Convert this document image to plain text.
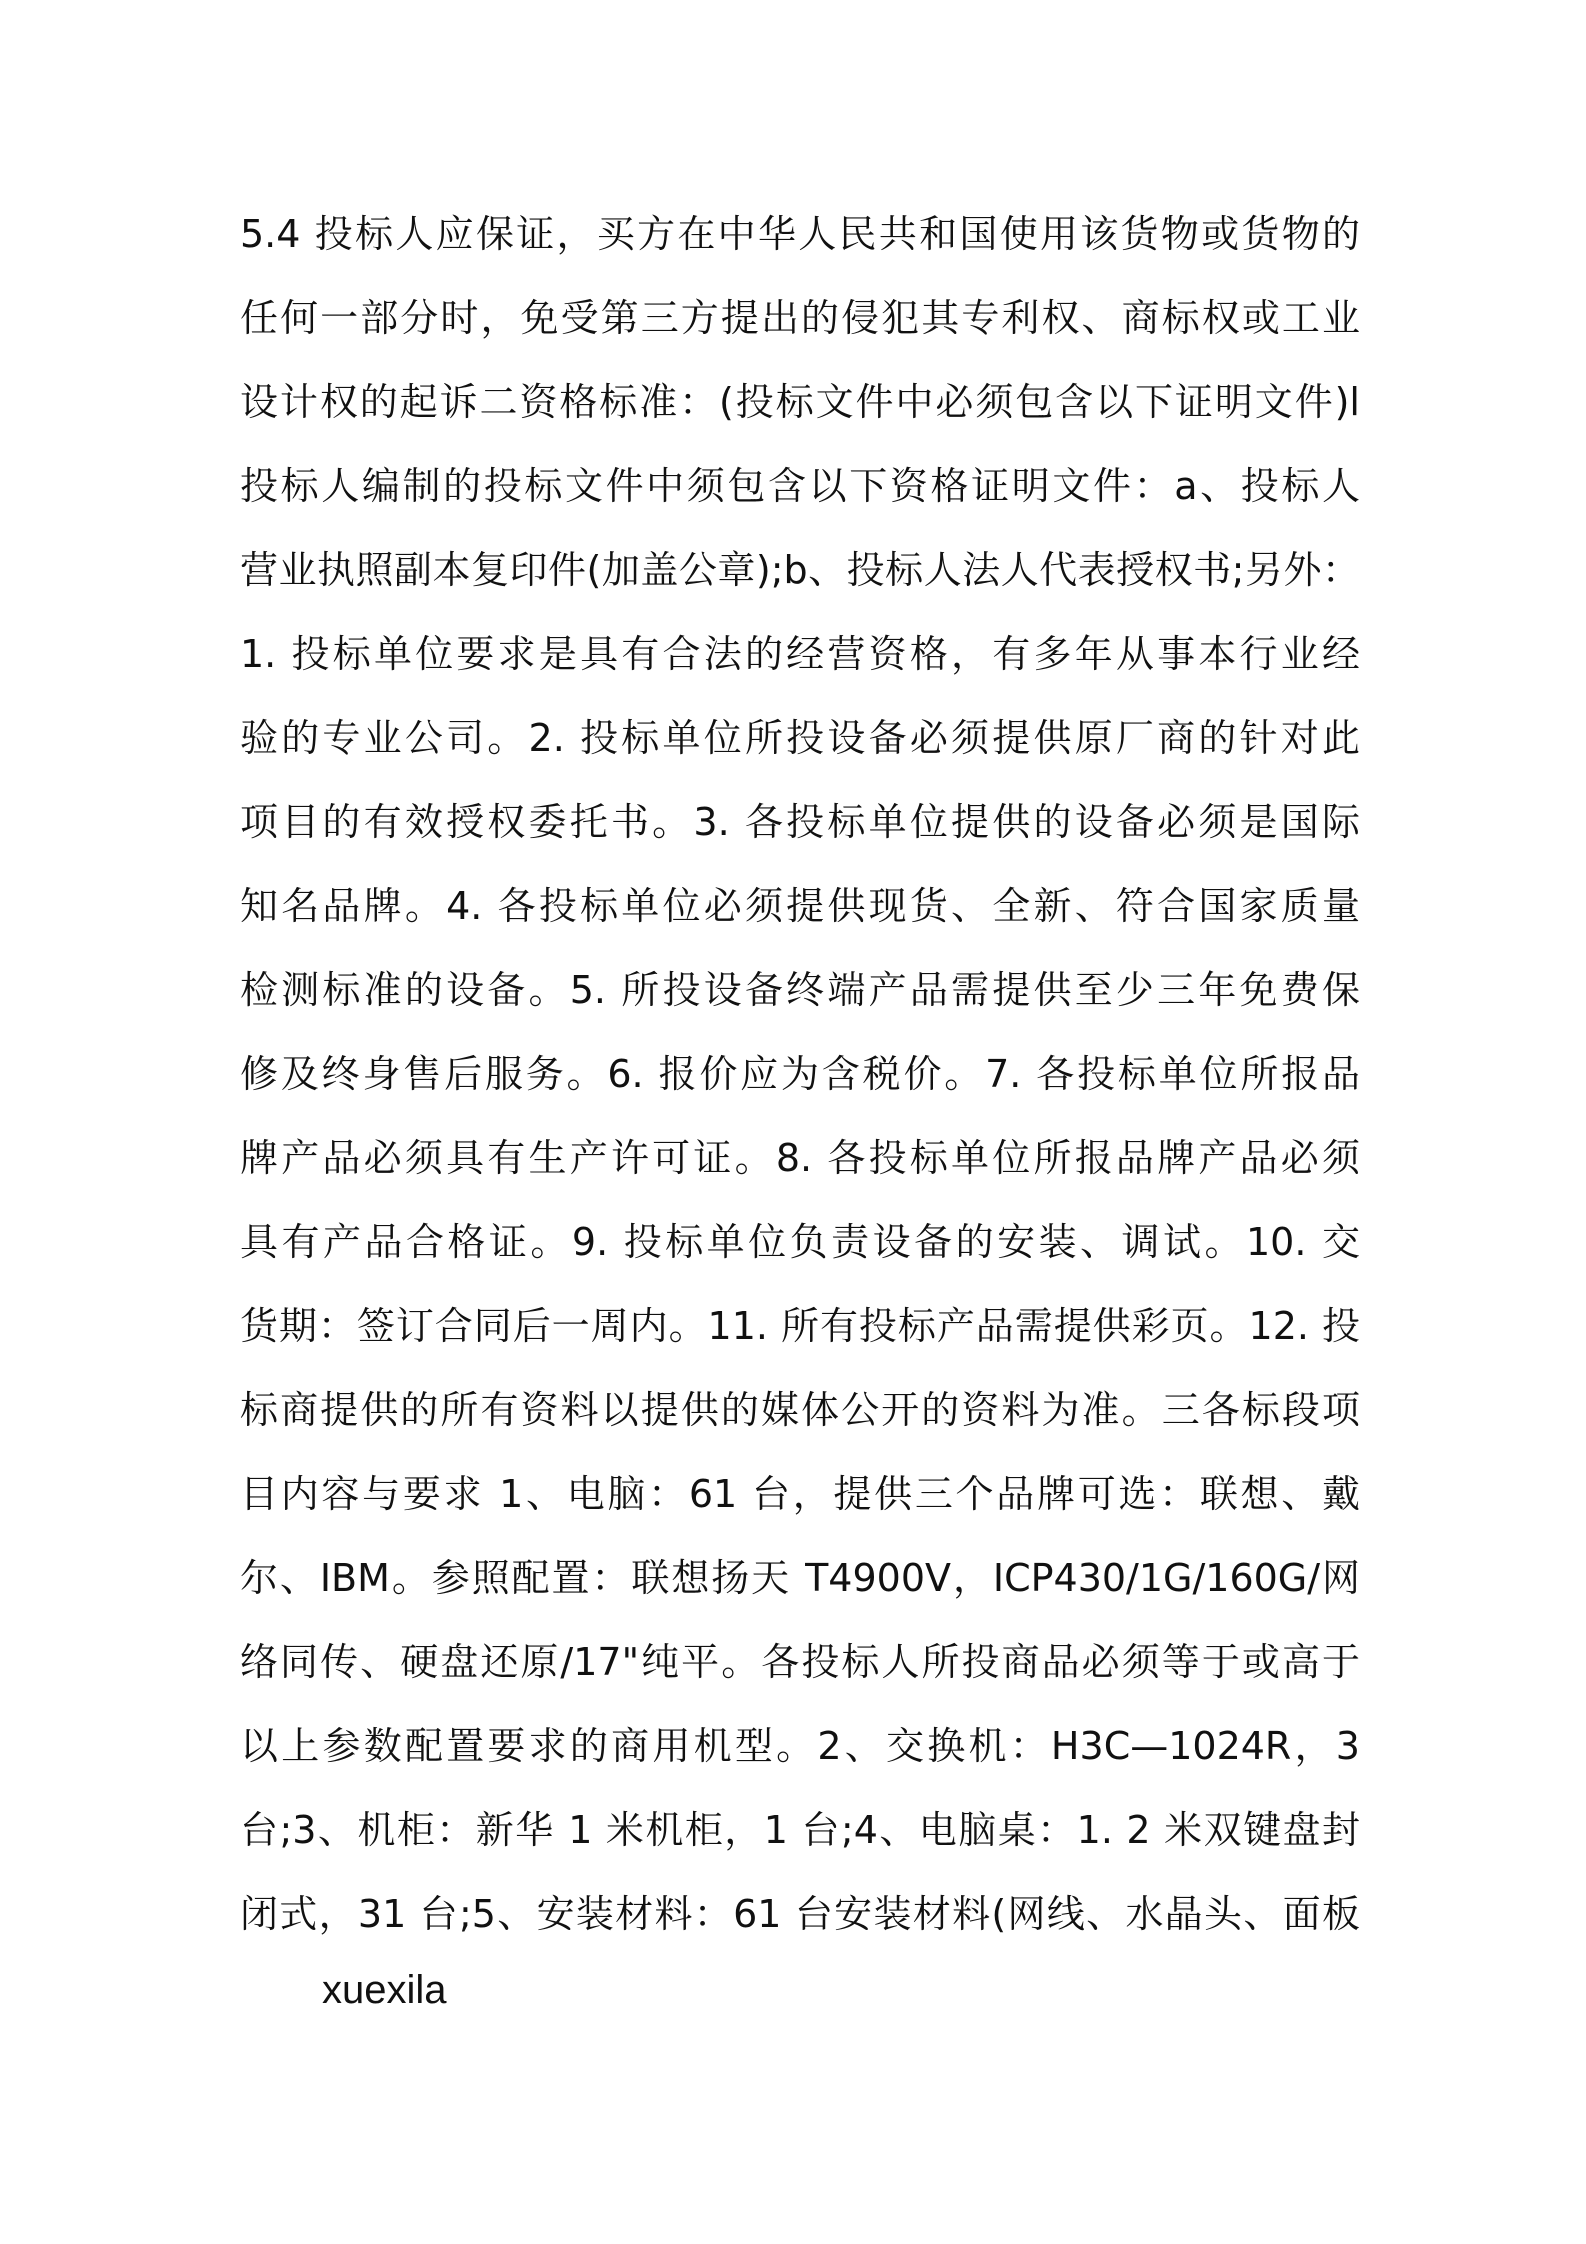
5.4 投标人应保证，买方在中华人民共和国使用该货物或货物的
任何一部分时，免受第三方提出的侵犯其专利权、商标权或工业
设计权的起诉二资格标准：(投标文件中必须包含以下证明文件)l
投标人编制的投标文件中须包含以下资格证明文件：a、投标人
营业执照副本复印件(加盖公章);b、投标人法人代表授权书;另外：
1. 投标单位要求是具有合法的经营资格，有多年从事本行业经
验的专业公司。2. 投标单位所投设备必须提供原厂商的针对此
项目的有效授权委托书。3. 各投标单位提供的设备必须是国际
知名品牌。4. 各投标单位必须提供现货、全新、符合国家质量
检测标准的设备。5. 所投设备终端产品需提供至少三年免费保
修及终身售后服务。6. 报价应为含税价。7. 各投标单位所报品
牌产品必须具有生产许可证。8. 各投标单位所报品牌产品必须
具有产品合格证。9. 投标单位负责设备的安装、调试。10. 交
货期：签订合同后一周内。11. 所有投标产品需提供彩页。12. 投
标商提供的所有资料以提供的媒体公开的资料为准。三各标段项
目内容与要求 1、电脑：61 台，提供三个品牌可选：联想、戴
尔、IBM。参照配置：联想扬天 T4900V，ICP430/1G/160G/网
络同传、硬盘还原/17"纯平。各投标人所投商品必须等于或高于
以上参数配置要求的商用机型。2、交换机：H3C—1024R，3
台;3、机柜：新华 1 米机柜，1 台;4、电脑桌：1. 2 米双键盘封
闭式，31 台;5、安装材料：61 台安装材料(网线、水晶头、面板
xuexila
